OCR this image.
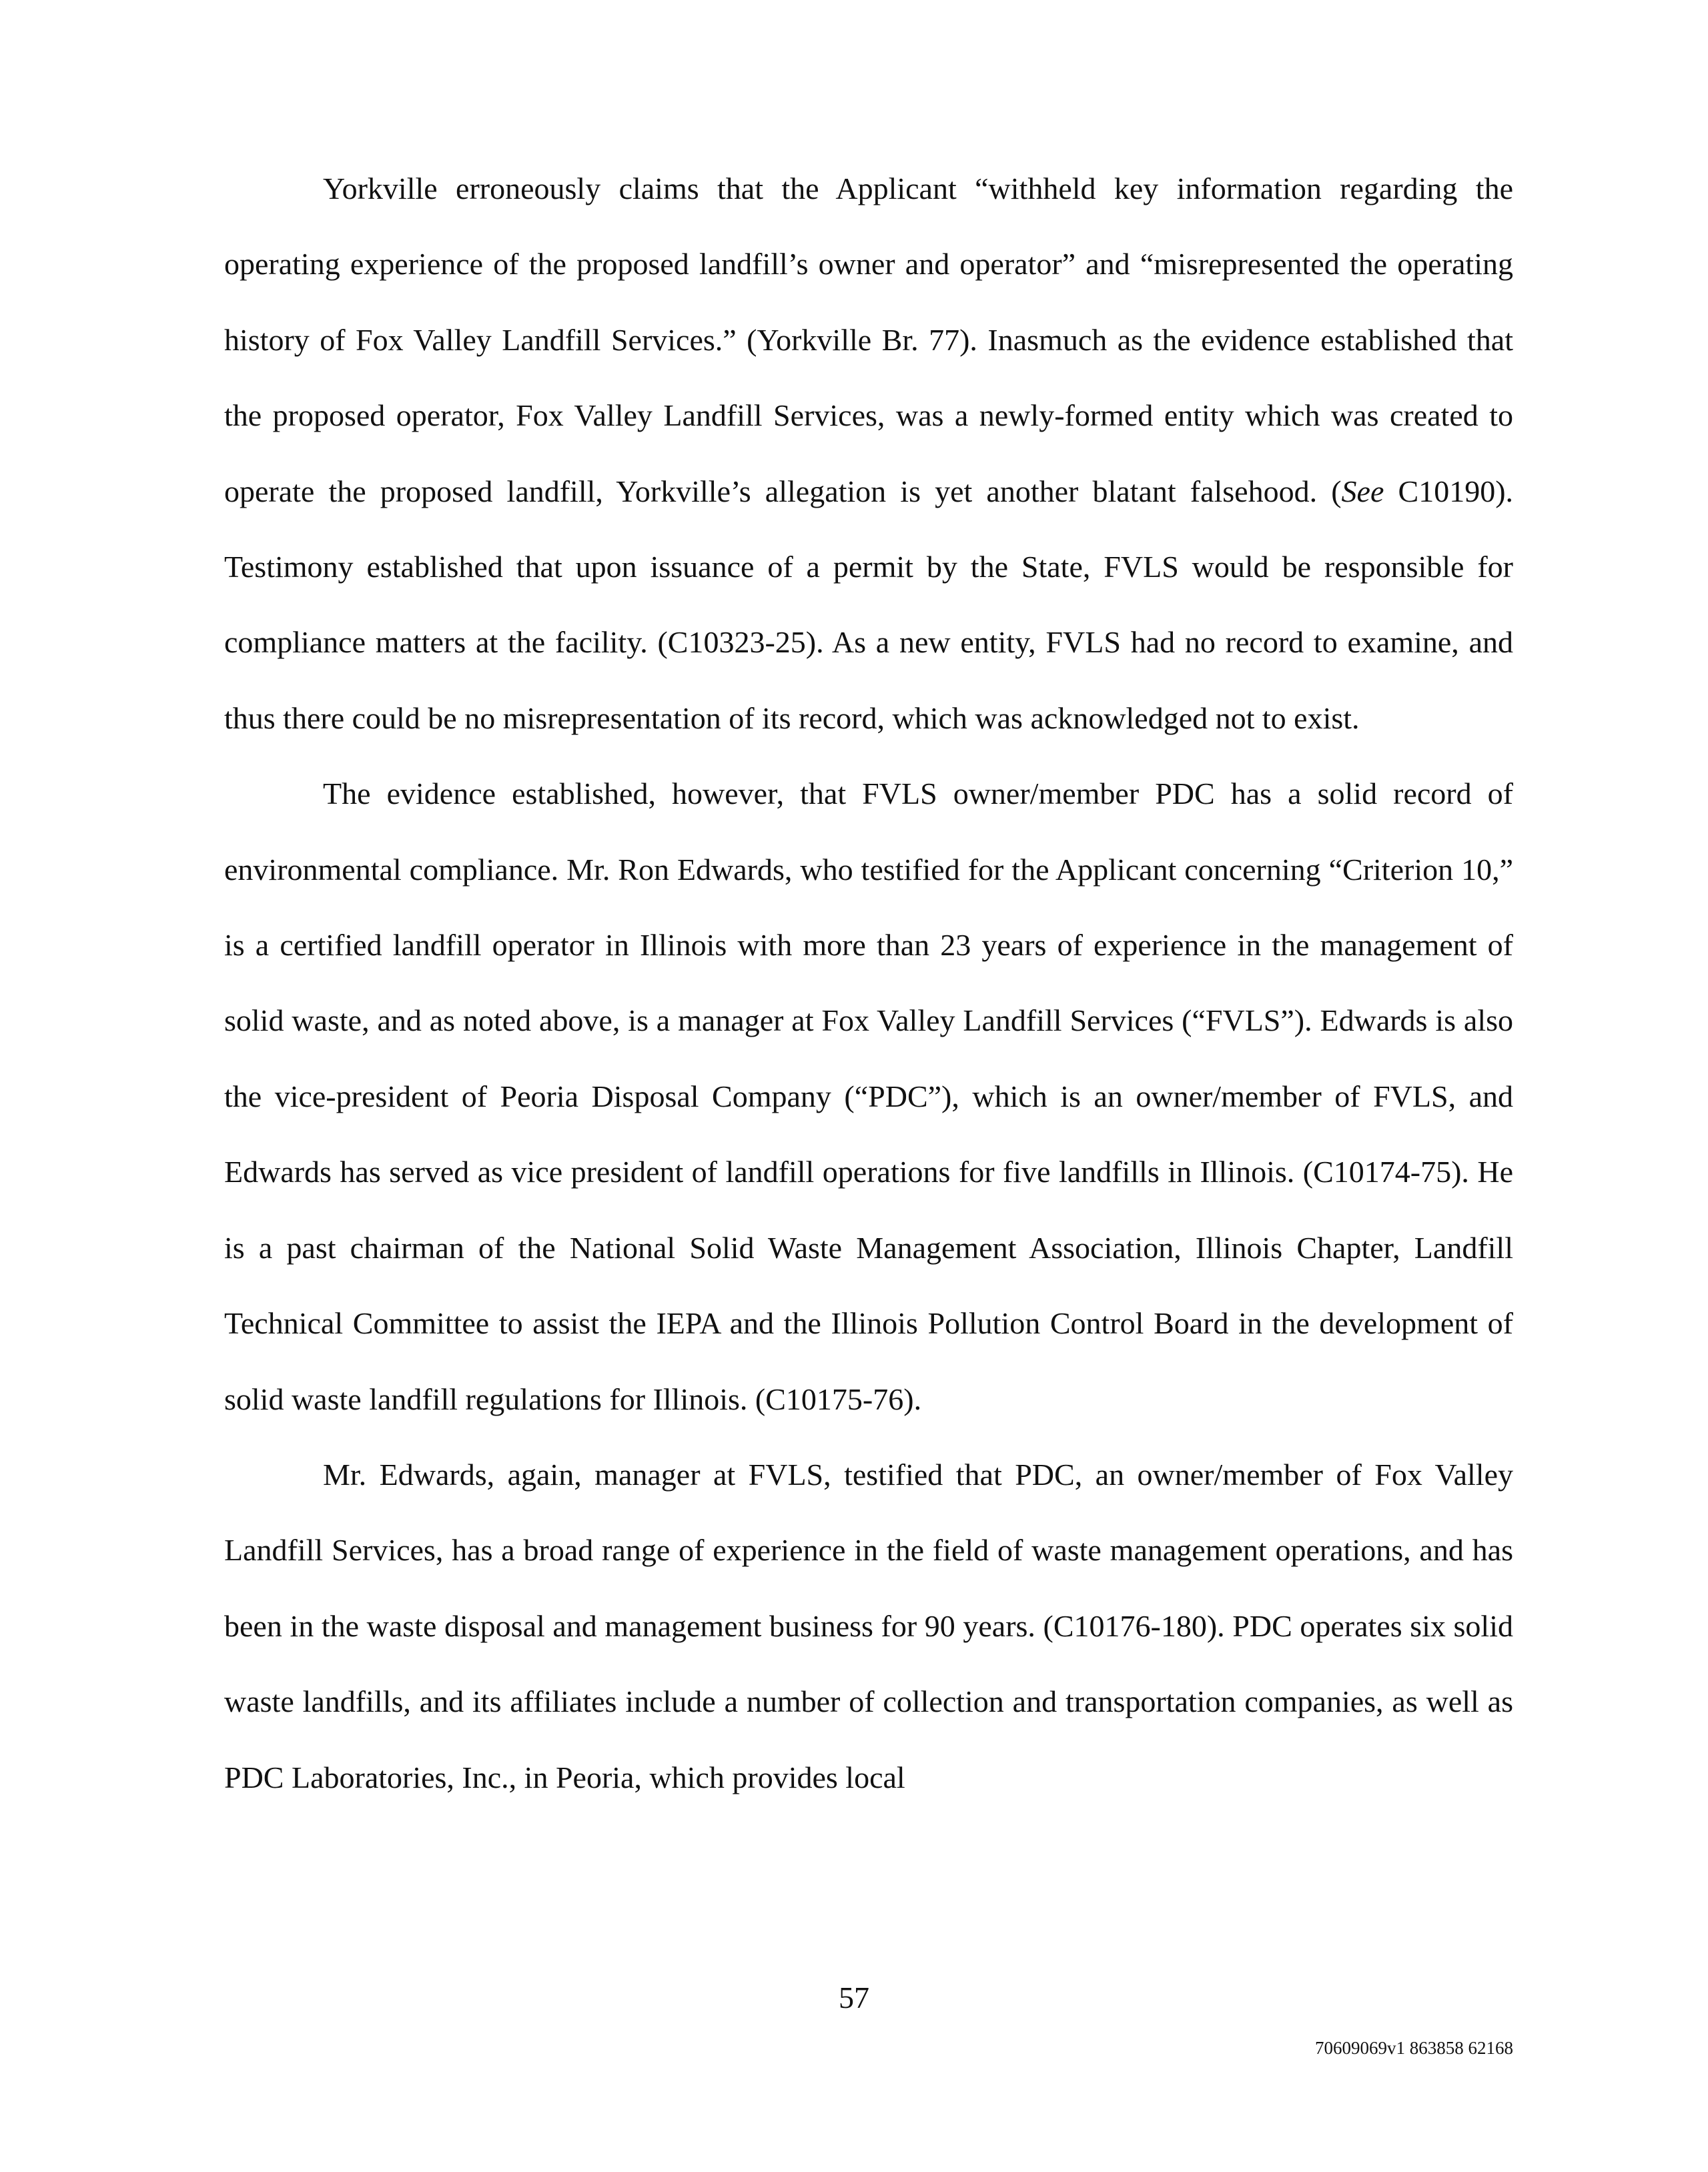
Yorkville erroneously claims that the Applicant “withheld key information regarding the operating experience of the proposed landfill’s owner and operator” and “misrepresented the operating history of Fox Valley Landfill Services.” (Yorkville Br. 77). Inasmuch as the evidence established that the proposed operator, Fox Valley Landfill Services, was a newly-formed entity which was created to operate the proposed landfill, Yorkville’s allegation is yet another blatant falsehood. (See C10190). Testimony established that upon issuance of a permit by the State, FVLS would be responsible for compliance matters at the facility. (C10323-25). As a new entity, FVLS had no record to examine, and thus there could be no misrepresentation of its record, which was acknowledged not to exist.

The evidence established, however, that FVLS owner/member PDC has a solid record of environmental compliance. Mr. Ron Edwards, who testified for the Applicant concerning “Criterion 10,” is a certified landfill operator in Illinois with more than 23 years of experience in the management of solid waste, and as noted above, is a manager at Fox Valley Landfill Services (“FVLS”). Edwards is also the vice-president of Peoria Disposal Company (“PDC”), which is an owner/member of FVLS, and Edwards has served as vice president of landfill operations for five landfills in Illinois. (C10174-75). He is a past chairman of the National Solid Waste Management Association, Illinois Chapter, Landfill Technical Committee to assist the IEPA and the Illinois Pollution Control Board in the development of solid waste landfill regulations for Illinois. (C10175-76).

Mr. Edwards, again, manager at FVLS, testified that PDC, an owner/member of Fox Valley Landfill Services, has a broad range of experience in the field of waste management operations, and has been in the waste disposal and management business for 90 years. (C10176-180). PDC operates six solid waste landfills, and its affiliates include a number of collection and transportation companies, as well as PDC Laboratories, Inc., in Peoria, which provides local

57
70609069v1 863858 62168
